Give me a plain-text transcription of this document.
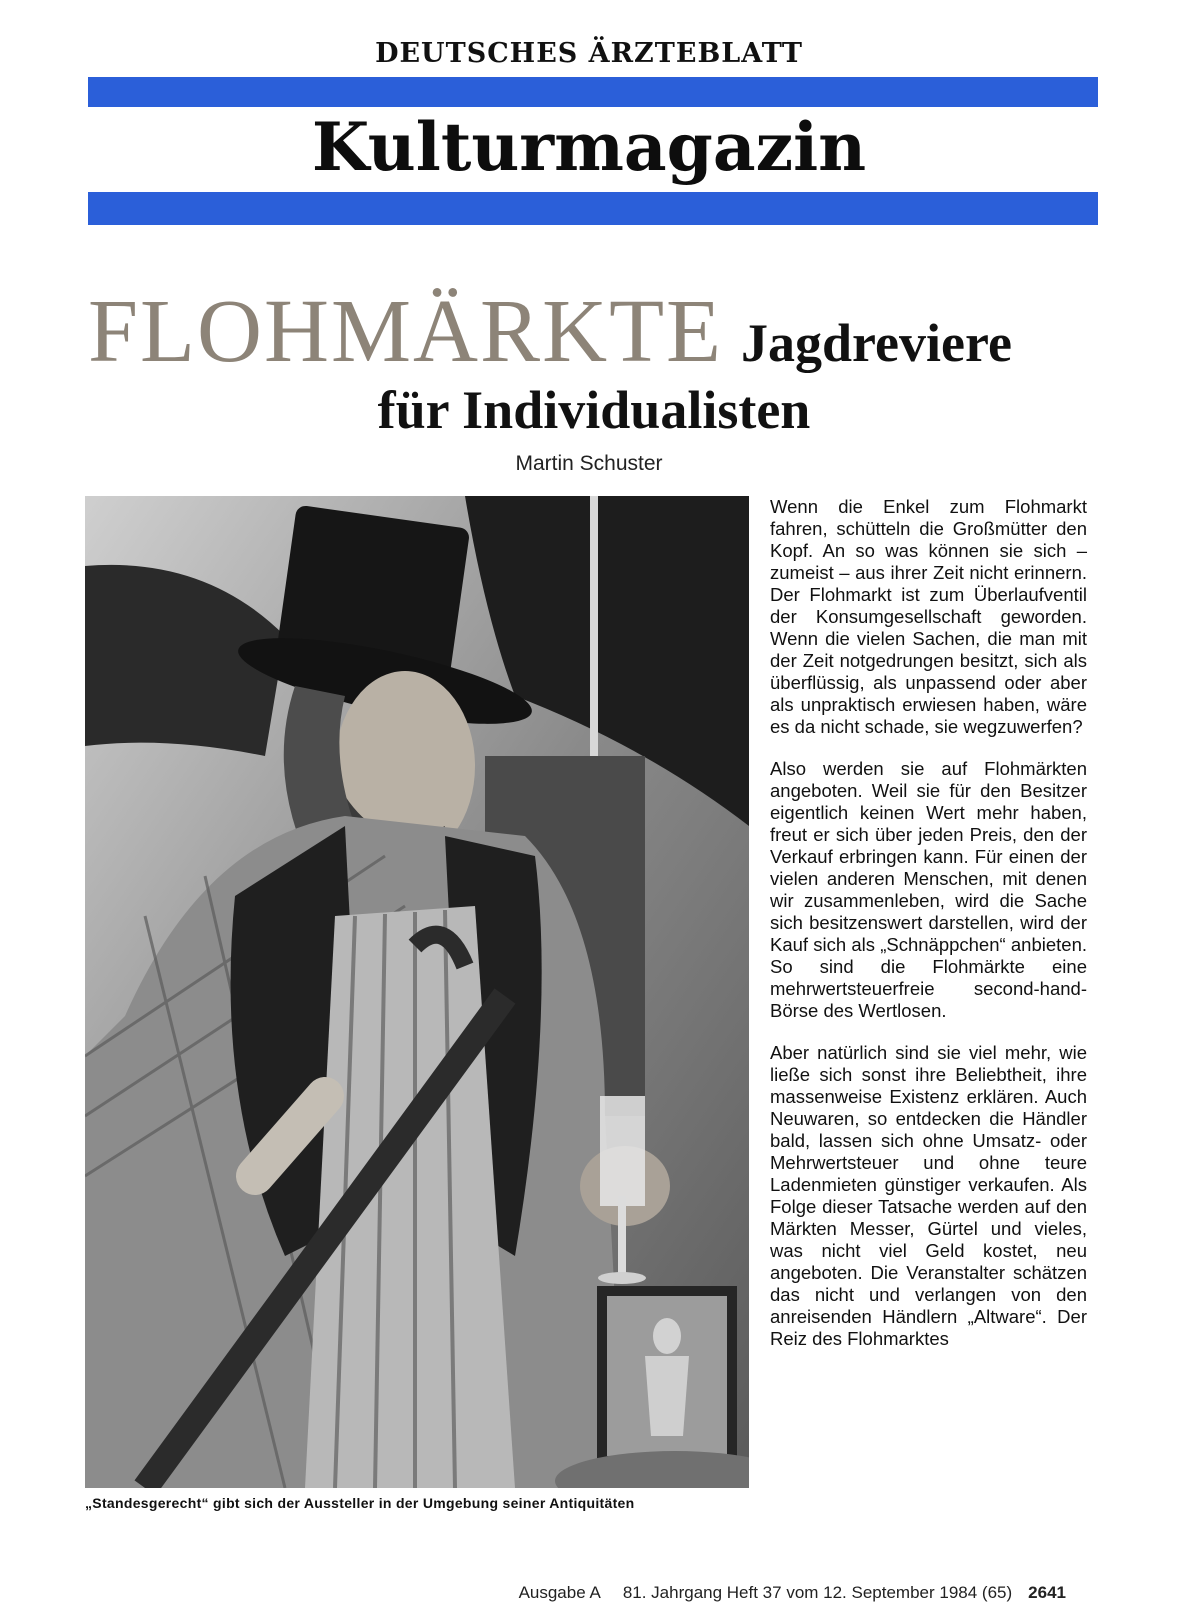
DEUTSCHES ÄRZTEBLATT
Kulturmagazin
FLOHMÄRKTE Jagdreviere
für Individualisten
Martin Schuster
„Standesgerecht“ gibt sich der Aussteller in der Umgebung seiner Antiquitäten

Wenn die Enkel zum Flohmarkt fahren, schütteln die Großmütter den Kopf. An so was können sie sich – zumeist – aus ihrer Zeit nicht erinnern. Der Flohmarkt ist zum Überlaufventil der Konsumgesellschaft geworden. Wenn die vielen Sachen, die man mit der Zeit notgedrungen besitzt, sich als überflüssig, als unpassend oder aber als unpraktisch erwiesen haben, wäre es da nicht schade, sie wegzuwerfen?

Also werden sie auf Flohmärkten angeboten. Weil sie für den Besitzer eigentlich keinen Wert mehr haben, freut er sich über jeden Preis, den der Verkauf erbringen kann. Für einen der vielen anderen Menschen, mit denen wir zusammenleben, wird die Sache sich besitzenswert darstellen, wird der Kauf sich als „Schnäppchen“ anbieten. So sind die Flohmärkte eine mehrwertsteuerfreie second-hand-Börse des Wertlosen.

Aber natürlich sind sie viel mehr, wie ließe sich sonst ihre Beliebtheit, ihre massenweise Existenz erklären. Auch Neuwaren, so entdecken die Händler bald, lassen sich ohne Umsatz- oder Mehrwertsteuer und ohne teure Ladenmieten günstiger verkaufen. Als Folge dieser Tatsache werden auf den Märkten Messer, Gürtel und vieles, was nicht viel Geld kostet, neu angeboten. Die Veranstalter schätzen das nicht und verlangen von den anreisenden Händlern „Altware“. Der Reiz des Flohmarktes

Ausgabe A 81. Jahrgang Heft 37 vom 12. September 1984 (65) 2641
